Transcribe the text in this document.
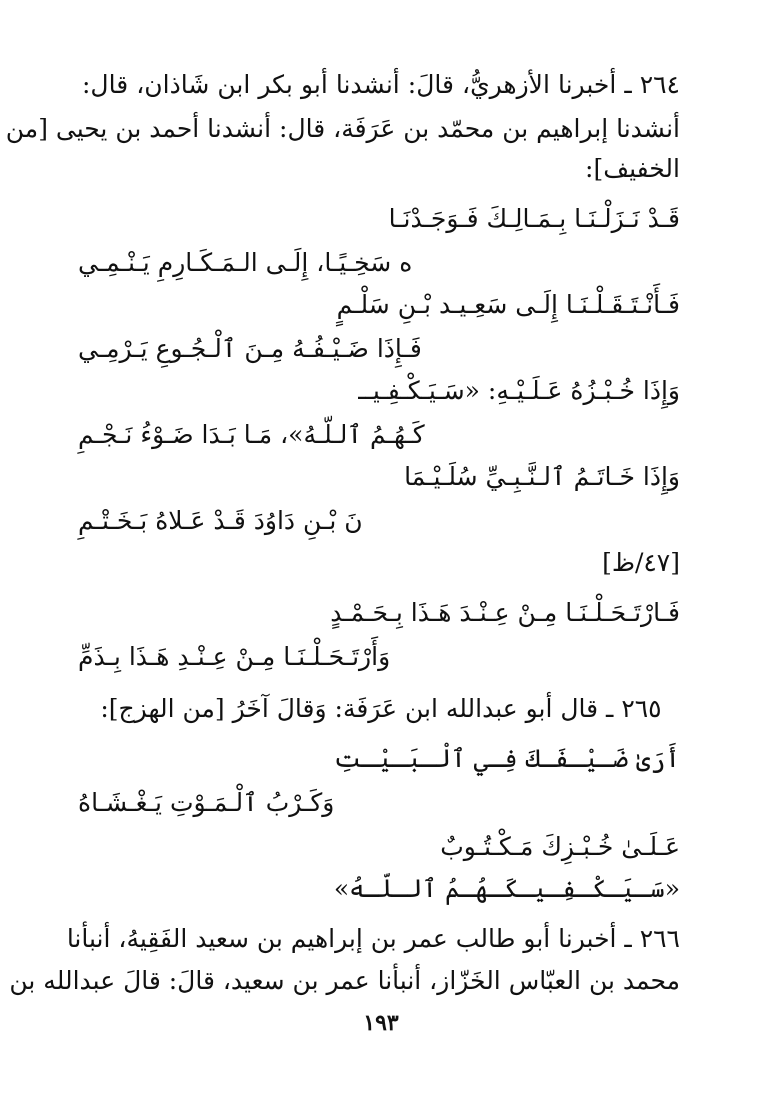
٢٦٤ ـ أخبرنا الأزهريُّ، قالَ: أنشدنا أبو بكر ابن شَاذان، قال:
أنشدنا إبراهيم بن محمّد بن عَرَفَة، قال: أنشدنا أحمد بن يحيى [من
الخفيف]:
قَـدْ نَـزَلْـنَـا بِـمَـالِـكَ فَـوَجَـدْنَـا
ه سَخِـيًـا، إِلَـى الـمَـكَـارِمِ يَـنْـمِـي
فَـأَنْـتَـقَـلْـنَـا إِلَـى سَعِـيـد بْـنِ سَلْـمٍ
فَـإِذَا ضَـيْـفُـهُ مِـنَ ٱلْـجُـوعِ يَـرْمِـي
وَإِذَا خُـبْـزُهُ عَـلَـيْـهِ: «سَـيَـكْـفِـيــ
كَـهُـمُ ٱلـلّـهُ»، مَـا بَـدَا ضَـوْءُ نَـجْـمِ
وَإِذَا خَـاتَـمُ ٱلـنَّـبِـيِّ سُلَـيْـمَا
نَ بْـنِ دَاوُدَ قَـدْ عَـلاهُ بَـخَـتْـمِ
[٤٧/ظ]
فَـارْتَـحَـلْـنَـا مِـنْ عِـنْـدَ هَـذَا بِـحَـمْـدٍ
وَأَرْتَـحَـلْـنَـا مِـنْ عِـنْـدِ هَـذَا بِـذَمِّ
٢٦٥ ـ قال أبو عبدالله ابن عَرَفَة: وَقالَ آخَرُ [من الهزج]:
أَرَىٰ ضَـيْـفَـكَ فِـي ٱلْـبَـيْـتِ
وَكَـرْبُ ٱلْـمَـوْتِ يَـغْـشَـاهُ
عَـلَـىٰ خُـبْـزِكَ مَـكْـتُـوبٌ
«سَـيَـكْـفِـيـكَـهُـمُ ٱلـلّـهُ»
٢٦٦ ـ أخبرنا أبو طالب عمر بن إبراهيم بن سعيد الفَقِيهُ، أنبأنا
محمد بن العبّاس الخَزّاز، أنبأنا عمر بن سعيد، قالَ: قالَ عبدالله بن
١٩٣
